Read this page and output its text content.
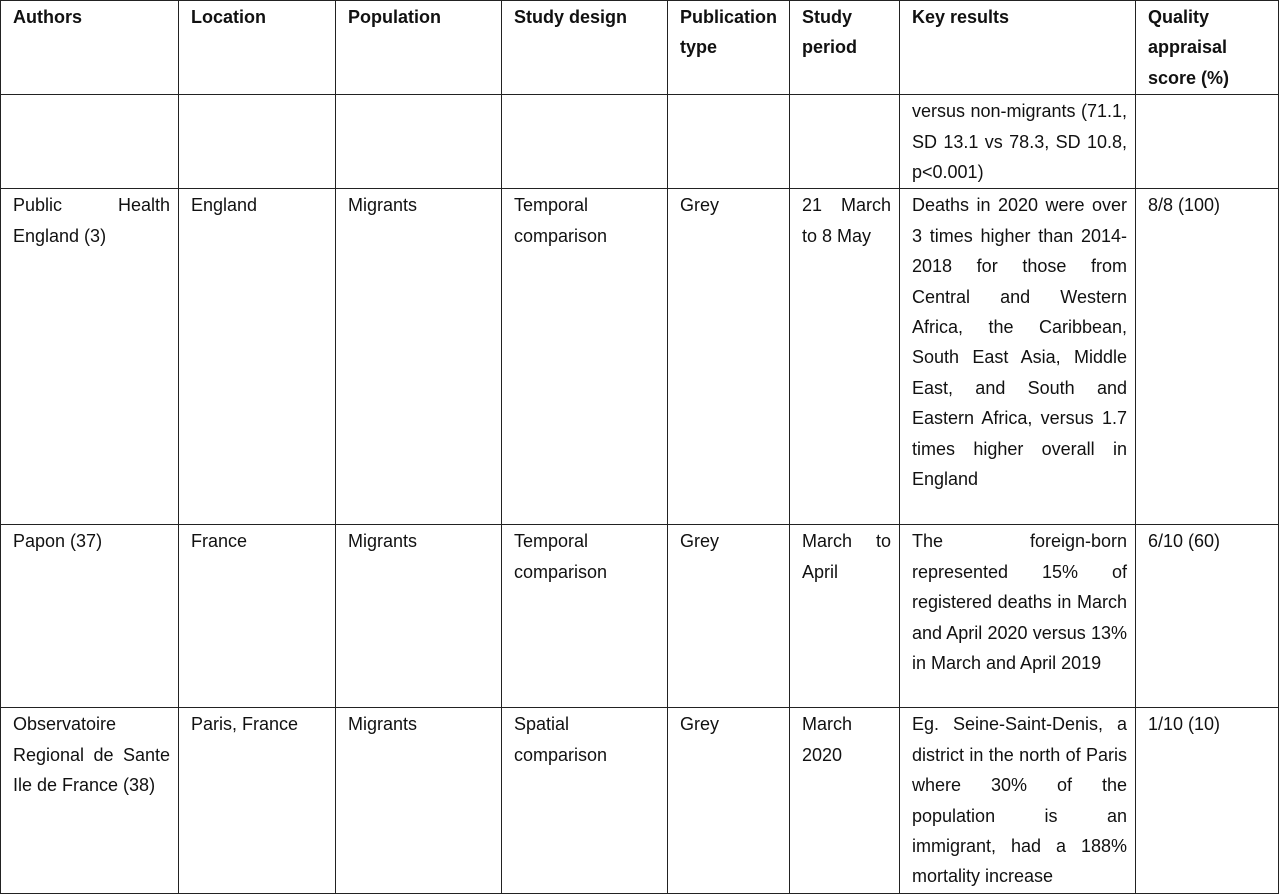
Authors	Location	Population	Study design	Publication type	Study period	Key results	Quality appraisal score (%)
						versus non-migrants (71.1, SD 13.1 vs 78.3, SD 10.8, p<0.001)	
Public Health England (3)	England	Migrants	Temporal comparison	Grey	21 March to 8 May	Deaths in 2020 were over 3 times higher than 2014-2018 for those from Central and Western Africa, the Caribbean, South East Asia, Middle East, and South and Eastern Africa, versus 1.7 times higher overall in England	8/8 (100)
Papon (37)	France	Migrants	Temporal comparison	Grey	March to April	The foreign-born represented 15% of registered deaths in March and April 2020 versus 13% in March and April 2019	6/10 (60)
Observatoire Regional de Sante Ile de France (38)	Paris, France	Migrants	Spatial comparison	Grey	March 2020	Eg. Seine-Saint-Denis, a district in the north of Paris where 30% of the population is an immigrant, had a 188% mortality increase	1/10 (10)
